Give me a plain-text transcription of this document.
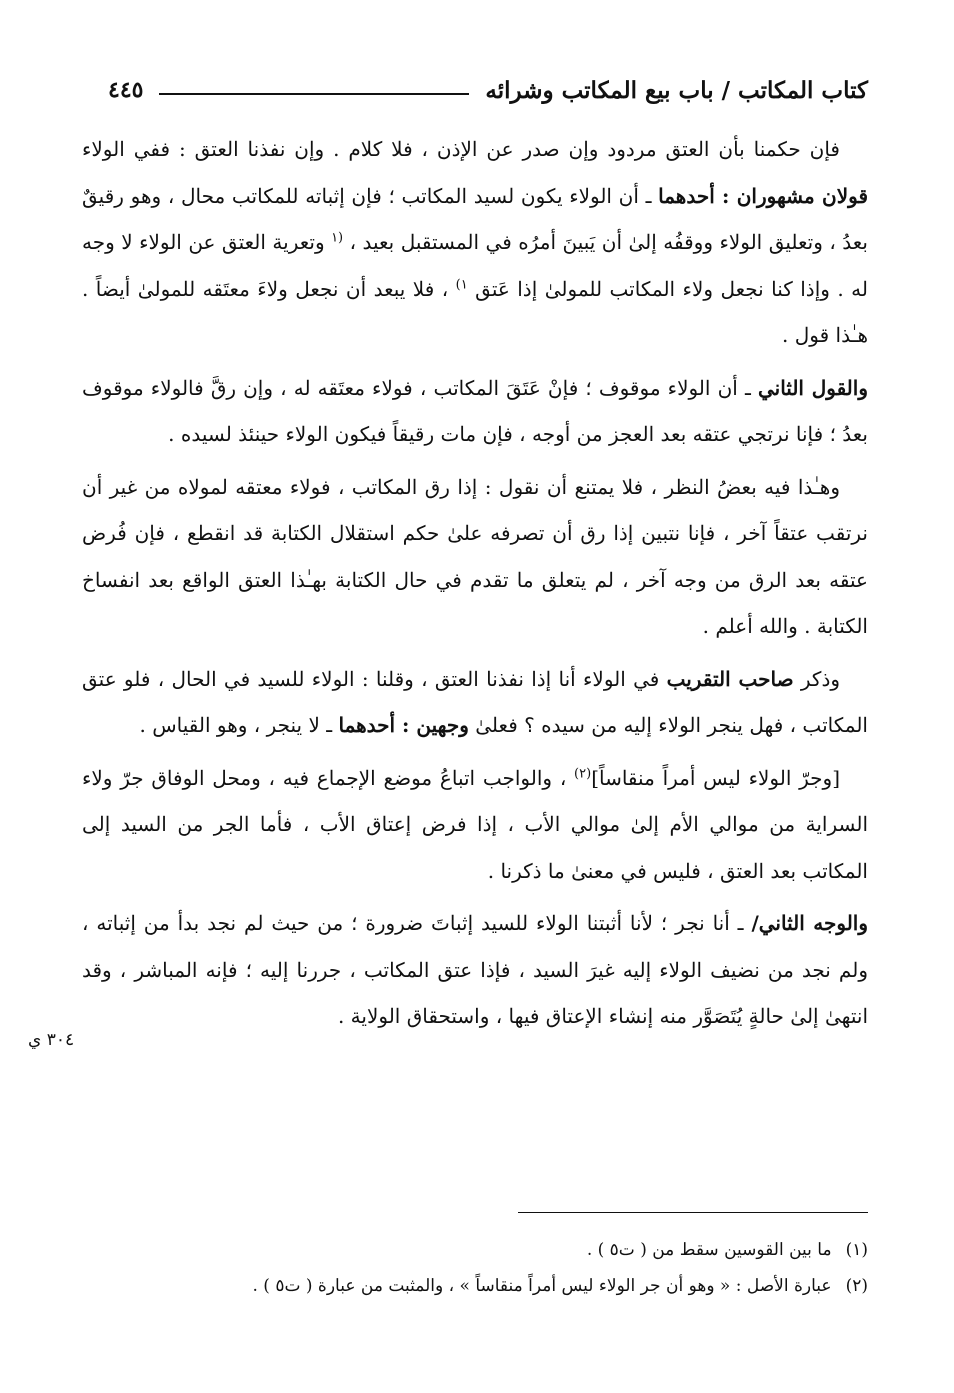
كتاب المكاتب / باب بيع المكاتب وشرائه
٤٤٥

فإن حكمنا بأن العتق مردود وإن صدر عن الإذن ، فلا كلام . وإن نفذنا العتق : ففي الولاء قولان مشهوران : أحدهما ـ أن الولاء يكون لسيد المكاتب ؛ فإن إثباته للمكاتب محال ، وهو رقيقٌ بعدُ ، وتعليق الولاء ووقفُه إلىٰ أن يَبينَ أمرُه في المستقبل بعيد ، $^{(١}$ وتعرية العتق عن الولاء لا وجه له . وإذا كنا نجعل ولاء المكاتب للمولىٰ إذا عَتق $^{١)}$ ، فلا يبعد أن نجعل ولاءَ معتَقه للمولىٰ أيضاً . هـٰذا قول .

والقول الثاني ـ أن الولاء موقوف ؛ فإنْ عَتَقَ المكاتب ، فولاء معتَقه له ، وإن رقَّ فالولاء موقوف بعدُ ؛ فإنا نرتجي عتقه بعد العجز من أوجه ، فإن مات رقيقاً فيكون الولاء حينئذ لسيده .

وهـٰذا فيه بعضُ النظر ، فلا يمتنع أن نقول : إذا رق المكاتب ، فولاء معتقه لمولاه من غير أن نرتقب عتقاً آخر ، فإنا نتبين إذا رق أن تصرفه علىٰ حكم استقلال الكتابة قد انقطع ، فإن فُرض عتقه بعد الرق من وجه آخر ، لم يتعلق ما تقدم في حال الكتابة بهـٰذا العتق الواقع بعد انفساخ الكتابة . والله أعلم .

وذكر صاحب التقريب في الولاء أنا إذا نفذنا العتق ، وقلنا : الولاء للسيد في الحال ، فلو عتق المكاتب ، فهل ينجر الولاء إليه من سيده ؟ فعلىٰ وجهين : أحدهما ـ لا ينجر ، وهو القياس .

[وجرّ الولاء ليس أمراً منقاساً]$^{(٢)}$ ، والواجب اتباعُ موضع الإجماع فيه ، ومحل الوفاق جرّ ولاء السراية من موالي الأم إلىٰ موالي الأب ، إذا فرض إعتاق الأب ، فأما الجر من السيد إلى المكاتب بعد العتق ، فليس في معنىٰ ما ذكرنا .

والوجه الثاني/ ـ أنا نجر ؛ لأنا أثبتنا الولاء للسيد إثباتَ ضرورة ؛ من حيث لم نجد بدأ من إثباته ، ولم نجد من نضيف الولاء إليه غيرَ السيد ، فإذا عتق المكاتب ، جررنا إليه ؛ فإنه المباشر ، وقد انتهىٰ إلىٰ حالةٍ يُتَصَوَّر منه إنشاء الإعتاق فيها ، واستحقاق الولاية .

٣٠٤ ي
(١)
ما بين القوسين سقط من ( ت٥ ) .
(٢)
عبارة الأصل : « وهو أن جر الولاء ليس أمراً منقاساً » ، والمثبت من عبارة ( ت٥ ) .
